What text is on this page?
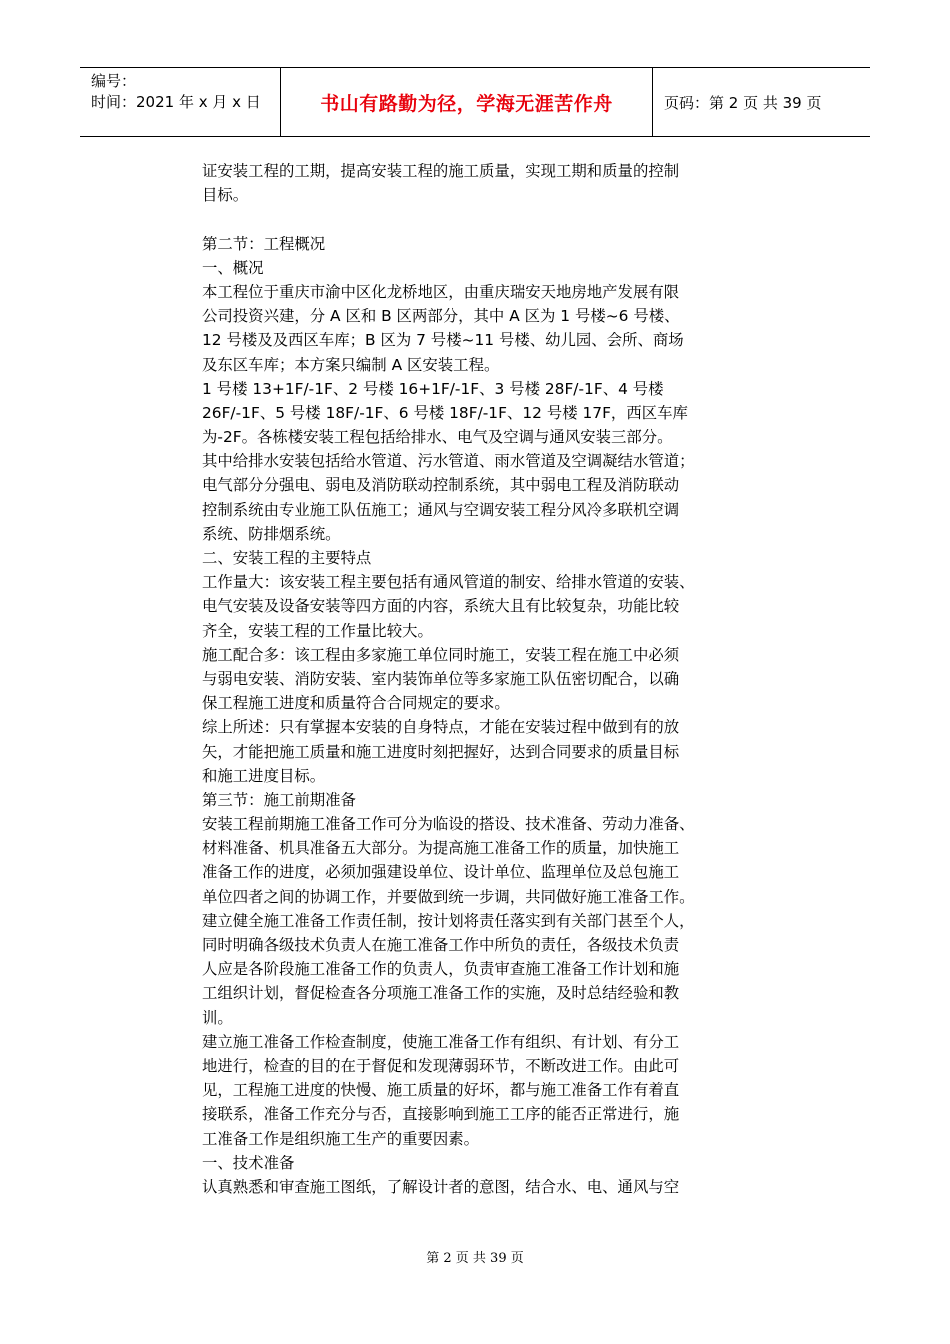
编号：
时间：2021 年 x 月 x 日	书山有路勤为径，学海无涯苦作舟	页码：第 2 页 共 39 页
证安装工程的工期，提高安装工程的施工质量，实现工期和质量的控制
目标。
第二节：工程概况
一、概况
本工程位于重庆市渝中区化龙桥地区，由重庆瑞安天地房地产发展有限
公司投资兴建，分 A 区和 B 区两部分，其中 A 区为 1 号楼~6 号楼、
12 号楼及及西区车库；B 区为 7 号楼~11 号楼、幼儿园、会所、商场
及东区车库；本方案只编制 A 区安装工程。
1 号楼 13+1F/-1F、2 号楼 16+1F/-1F、3 号楼 28F/-1F、4 号楼
26F/-1F、5 号楼 18F/-1F、6 号楼 18F/-1F、12 号楼 17F，西区车库
为-2F。各栋楼安装工程包括给排水、电气及空调与通风安装三部分。
其中给排水安装包括给水管道、污水管道、雨水管道及空调凝结水管道；
电气部分分强电、弱电及消防联动控制系统，其中弱电工程及消防联动
控制系统由专业施工队伍施工；通风与空调安装工程分风冷多联机空调
系统、防排烟系统。
二、安装工程的主要特点
工作量大：该安装工程主要包括有通风管道的制安、给排水管道的安装、
电气安装及设备安装等四方面的内容，系统大且有比较复杂，功能比较
齐全，安装工程的工作量比较大。
施工配合多：该工程由多家施工单位同时施工，安装工程在施工中必须
与弱电安装、消防安装、室内装饰单位等多家施工队伍密切配合，以确
保工程施工进度和质量符合合同规定的要求。
综上所述：只有掌握本安装的自身特点，才能在安装过程中做到有的放
矢，才能把施工质量和施工进度时刻把握好，达到合同要求的质量目标
和施工进度目标。
第三节：施工前期准备
安装工程前期施工准备工作可分为临设的搭设、技术准备、劳动力准备、
材料准备、机具准备五大部分。为提高施工准备工作的质量，加快施工
准备工作的进度，必须加强建设单位、设计单位、监理单位及总包施工
单位四者之间的协调工作，并要做到统一步调，共同做好施工准备工作。
建立健全施工准备工作责任制，按计划将责任落实到有关部门甚至个人，
同时明确各级技术负责人在施工准备工作中所负的责任，各级技术负责
人应是各阶段施工准备工作的负责人，负责审查施工准备工作计划和施
工组织计划，督促检查各分项施工准备工作的实施，及时总结经验和教
训。
建立施工准备工作检查制度，使施工准备工作有组织、有计划、有分工
地进行，检查的目的在于督促和发现薄弱环节，不断改进工作。由此可
见，工程施工进度的快慢、施工质量的好坏，都与施工准备工作有着直
接联系，准备工作充分与否，直接影响到施工工序的能否正常进行，施
工准备工作是组织施工生产的重要因素。
一、技术准备
认真熟悉和审查施工图纸，了解设计者的意图，结合水、电、通风与空
第 2 页 共 39 页
